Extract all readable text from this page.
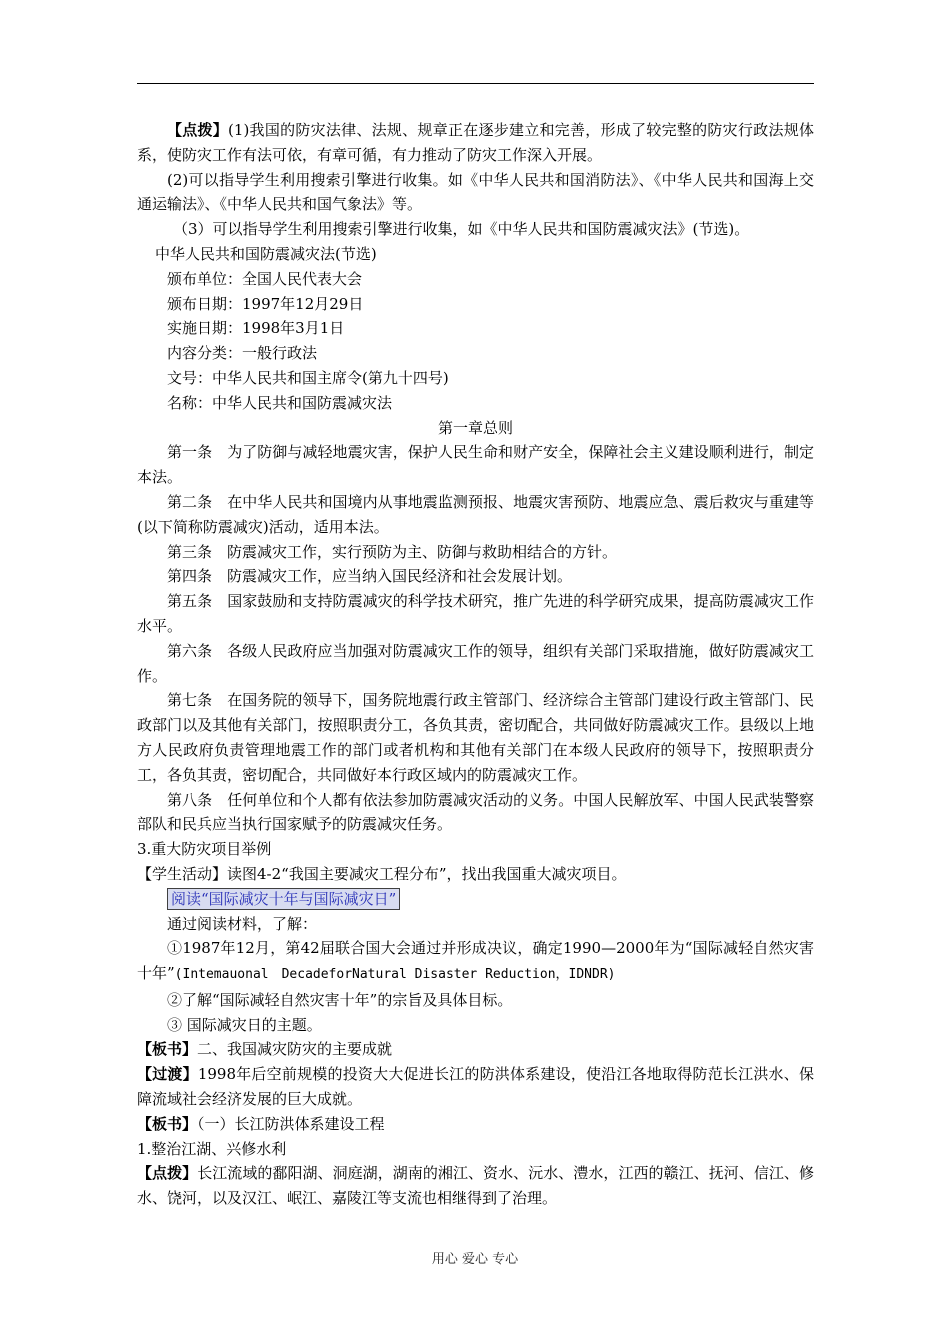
【点拨】(1)我国的防灾法律、法规、规章正在逐步建立和完善，形成了较完整的防灾行政法规体系，使防灾工作有法可依，有章可循，有力推动了防灾工作深入开展。

(2)可以指导学生利用搜索引擎进行收集。如《中华人民共和国消防法》、《中华人民共和国海上交通运输法》、《中华人民共和国气象法》等。

（3）可以指导学生利用搜索引擎进行收集，如《中华人民共和国防震减灾法》(节选)。

中华人民共和国防震减灾法(节选)

颁布单位：全国人民代表大会

颁布日期：1997年12月29日

实施日期：1998年3月1日

内容分类：一般行政法

文号：中华人民共和国主席令(第九十四号)

名称：中华人民共和国防震减灾法

第一章总则

第一条　为了防御与减轻地震灾害，保护人民生命和财产安全，保障社会主义建设顺利进行，制定本法。

第二条　在中华人民共和国境内从事地震监测预报、地震灾害预防、地震应急、震后救灾与重建等(以下简称防震减灾)活动，适用本法。

第三条　防震减灾工作，实行预防为主、防御与救助相结合的方针。

第四条　防震减灾工作，应当纳入国民经济和社会发展计划。

第五条　国家鼓励和支持防震减灾的科学技术研究，推广先进的科学研究成果，提高防震减灾工作水平。

第六条　各级人民政府应当加强对防震减灾工作的领导，组织有关部门采取措施，做好防震减灾工作。

第七条　在国务院的领导下，国务院地震行政主管部门、经济综合主管部门建设行政主管部门、民政部门以及其他有关部门，按照职责分工，各负其责，密切配合，共同做好防震减灾工作。县级以上地方人民政府负责管理地震工作的部门或者机构和其他有关部门在本级人民政府的领导下，按照职责分工，各负其责，密切配合，共同做好本行政区域内的防震减灾工作。

第八条　任何单位和个人都有依法参加防震减灾活动的义务。中国人民解放军、中国人民武装警察部队和民兵应当执行国家赋予的防震减灾任务。

3.重大防灾项目举例

【学生活动】读图4-2“我国主要减灾工程分布”，找出我国重大减灾项目。

阅读“国际减灾十年与国际减灾日”

通过阅读材料，了解：

①1987年12月，第42届联合国大会通过并形成决议，确定1990—2000年为“国际减轻自然灾害十年”(Intemauonal　DecadeforNatural Disaster Reduction，IDNDR)

②了解“国际减轻自然灾害十年”的宗旨及具体目标。

③ 国际减灾日的主题。

【板书】二、我国减灾防灾的主要成就

【过渡】1998年后空前规模的投资大大促进长江的防洪体系建设，使沿江各地取得防范长江洪水、保障流域社会经济发展的巨大成就。

【板书】（一）长江防洪体系建设工程

1.整治江湖、兴修水利

【点拨】长江流域的鄱阳湖、洞庭湖，湖南的湘江、资水、沅水、澧水，江西的赣江、抚河、信江、修水、饶河，以及汉江、岷江、嘉陵江等支流也相继得到了治理。

用心 爱心 专心
